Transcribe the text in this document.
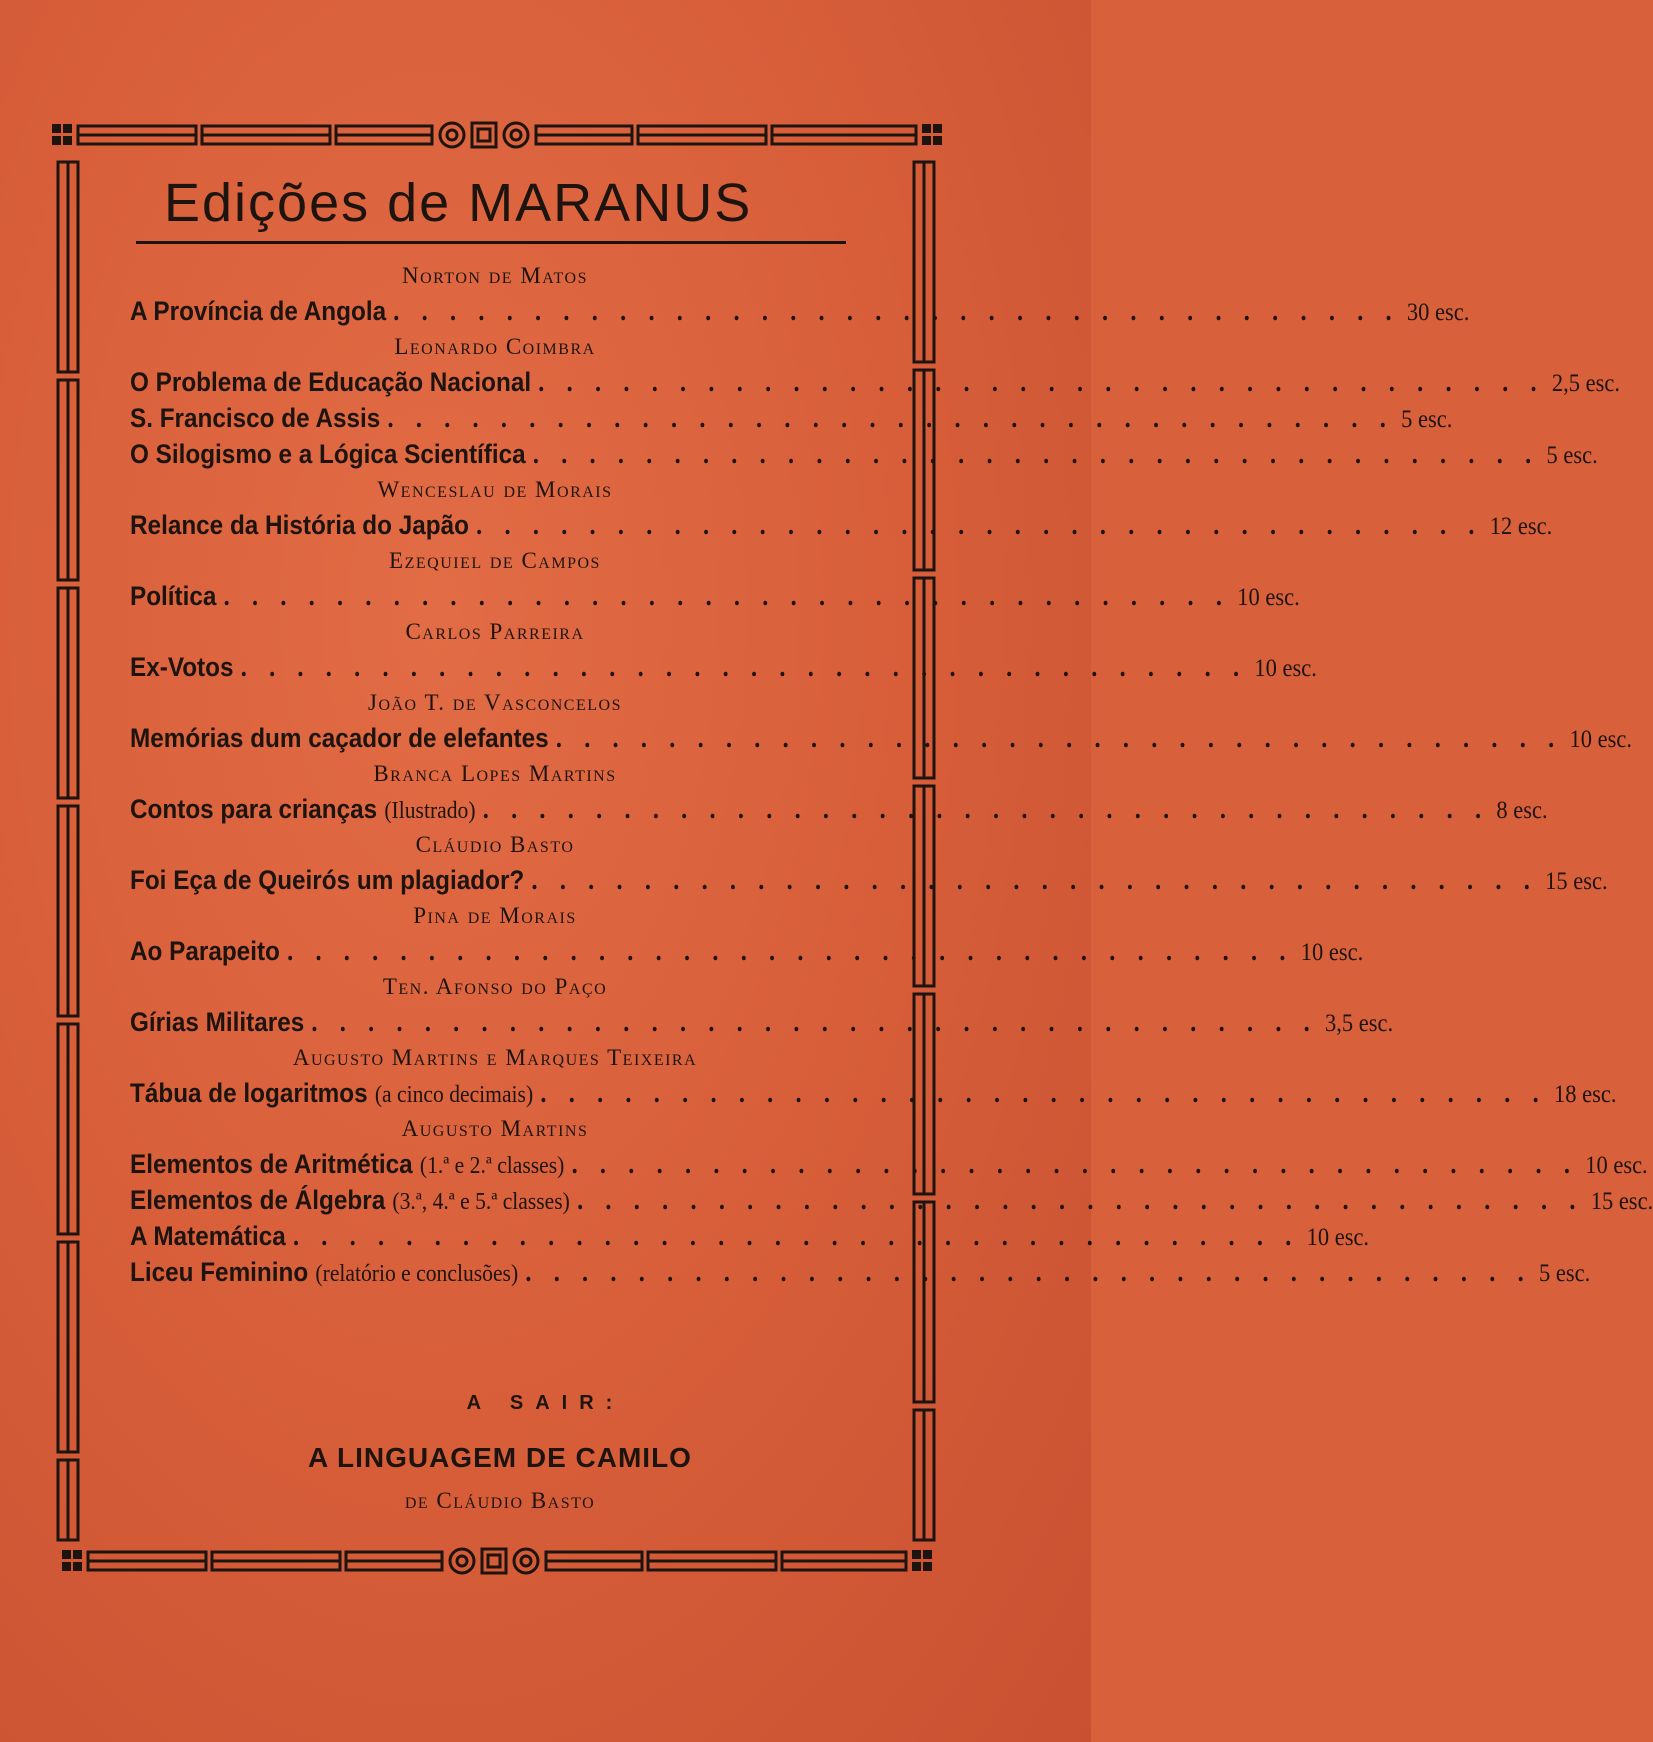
Edições de MARANUS
Norton de Matos
A Província de Angola . . . . . . . . . . . . . . . . . . . . . . . . . . . . . . . . . . . . 30 esc.
Leonardo Coimbra
O Problema de Educação Nacional . . . . . . . . . . . . . . . . . . . . . . . . . . . . . . . . . . . . 2,5 esc.
S. Francisco de Assis . . . . . . . . . . . . . . . . . . . . . . . . . . . . . . . . . . . . 5 esc.
O Silogismo e a Lógica Scientífica . . . . . . . . . . . . . . . . . . . . . . . . . . . . . . . . . . . . 5 esc.
Wenceslau de Morais
Relance da História do Japão . . . . . . . . . . . . . . . . . . . . . . . . . . . . . . . . . . . . 12 esc.
Ezequiel de Campos
Política . . . . . . . . . . . . . . . . . . . . . . . . . . . . . . . . . . . . 10 esc.
Carlos Parreira
Ex-Votos . . . . . . . . . . . . . . . . . . . . . . . . . . . . . . . . . . . . 10 esc.
João T. de Vasconcelos
Memórias dum caçador de elefantes . . . . . . . . . . . . . . . . . . . . . . . . . . . . . . . . . . . . 10 esc.
Branca Lopes Martins
Contos para crianças (Ilustrado) . . . . . . . . . . . . . . . . . . . . . . . . . . . . . . . . . . . . 8 esc.
Cláudio Basto
Foi Eça de Queirós um plagiador? . . . . . . . . . . . . . . . . . . . . . . . . . . . . . . . . . . . . 15 esc.
Pina de Morais
Ao Parapeito . . . . . . . . . . . . . . . . . . . . . . . . . . . . . . . . . . . . 10 esc.
Ten. Afonso do Paço
Gírias Militares . . . . . . . . . . . . . . . . . . . . . . . . . . . . . . . . . . . . 3,5 esc.
Augusto Martins e Marques Teixeira
Tábua de logaritmos (a cinco decimais) . . . . . . . . . . . . . . . . . . . . . . . . . . . . . . . . . . . . 18 esc.
Augusto Martins
Elementos de Aritmética (1.ª e 2.ª classes) . . . . . . . . . . . . . . . . . . . . . . . . . . . . . . . . . . . . 10 esc.
Elementos de Álgebra (3.ª, 4.ª e 5.ª classes) . . . . . . . . . . . . . . . . . . . . . . . . . . . . . . . . . . . . 15 esc.
A Matemática . . . . . . . . . . . . . . . . . . . . . . . . . . . . . . . . . . . . 10 esc.
Liceu Feminino (relatório e conclusões) . . . . . . . . . . . . . . . . . . . . . . . . . . . . . . . . . . . . 5 esc.
A SAIR:
A LINGUAGEM DE CAMILO
de Cláudio Basto
